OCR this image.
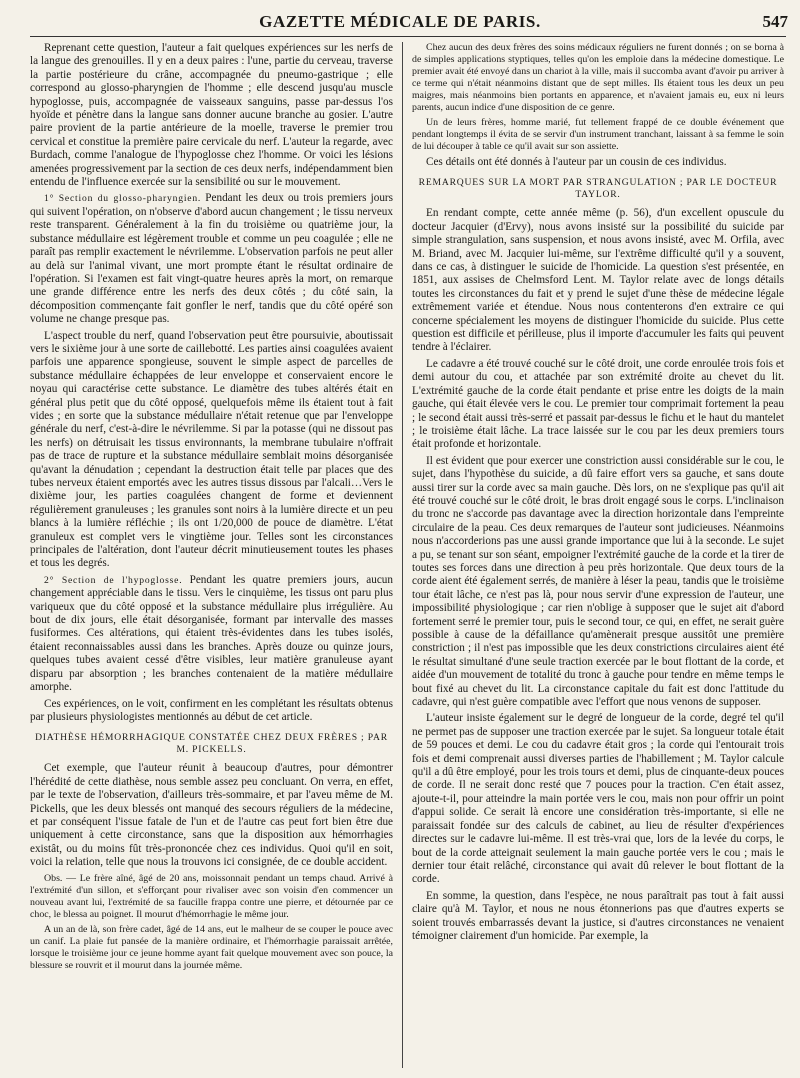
GAZETTE MÉDICALE DE PARIS.	547

Reprenant cette question, l'auteur a fait quelques expériences sur les nerfs de la langue des grenouilles. Il y en a deux paires : l'une, partie du cerveau, traverse la partie postérieure du crâne, accompagnée du pneumo-gastrique ; elle correspond au glosso-pharyngien de l'homme ; elle descend jusqu'au muscle hypoglosse, puis, accompagnée de vaisseaux sanguins, passe par-dessus l'os hyoïde et pénètre dans la langue sans donner aucune branche au gosier. L'autre paire provient de la partie antérieure de la moelle, traverse le premier trou cervical et constitue la première paire cervicale du nerf. L'auteur la regarde, avec Burdach, comme l'analogue de l'hypoglosse chez l'homme. Or voici les lésions amenées progressivement par la section de ces deux nerfs, indépendamment bien entendu de l'influence exercée sur la sensibilité ou sur le mouvement.

1° Section du glosso-pharyngien. Pendant les deux ou trois premiers jours qui suivent l'opération, on n'observe d'abord aucun changement ; le tissu nerveux reste transparent. Généralement à la fin du troisième ou quatrième jour, la substance médullaire est légèrement trouble et comme un peu coagulée ; elle ne paraît pas remplir exactement le névrilemme. L'observation parfois ne peut aller au delà sur l'animal vivant, une mort prompte étant le résultat ordinaire de l'opération. Si l'examen est fait vingt-quatre heures après la mort, on remarque une grande différence entre les nerfs des deux côtés ; du côté sain, la décomposition commençante fait gonfler le nerf, tandis que du côté opéré son volume ne change presque pas.

L'aspect trouble du nerf, quand l'observation peut être poursuivie, aboutissait vers le sixième jour à une sorte de caillebotté. Les parties ainsi coagulées avaient parfois une apparence spongieuse, souvent le simple aspect de parcelles de substance médullaire échappées de leur enveloppe et conservaient encore le noyau qui caractérise cette substance. Le diamètre des tubes altérés était en général plus petit que du côté opposé, quelquefois même ils étaient tout à fait vides ; en sorte que la substance médullaire n'était retenue que par l'enveloppe générale du nerf, c'est-à-dire le névrilemme. Si par la potasse (qui ne dissout pas les nerfs) on détruisait les tissus environnants, la membrane tubulaire n'offrait pas de trace de rupture et la substance médullaire semblait moins désorganisée qu'avant la dénudation ; cependant la destruction était telle par places que des tubes nerveux étaient emportés avec les autres tissus dissous par l'alcali…Vers le dixième jour, les parties coagulées changent de forme et deviennent régulièrement granuleuses ; les granules sont noirs à la lumière directe et un peu blancs à la lumière réfléchie ; ils ont 1/20,000 de pouce de diamètre. L'état granuleux est complet vers le vingtième jour. Telles sont les circonstances principales de l'altération, dont l'auteur décrit minutieusement toutes les phases et tous les degrés.

2° Section de l'hypoglosse. Pendant les quatre premiers jours, aucun changement appréciable dans le tissu. Vers le cinquième, les tissus ont paru plus variqueux que du côté opposé et la substance médullaire plus irrégulière. Au bout de dix jours, elle était désorganisée, formant par intervalle des masses fusiformes. Ces altérations, qui étaient très-évidentes dans les tubes isolés, étaient reconnaissables aussi dans les branches. Après douze ou quinze jours, quelques tubes avaient cessé d'être visibles, leur matière granuleuse ayant disparu par absorption ; les branches contenaient de la matière médullaire amorphe.

Ces expériences, on le voit, confirment en les complétant les résultats obtenus par plusieurs physiologistes mentionnés au début de cet article.

DIATHÈSE HÉMORRHAGIQUE CONSTATÉE CHEZ DEUX FRÈRES ; PAR M. PICKELLS.

Cet exemple, que l'auteur réunit à beaucoup d'autres, pour démontrer l'hérédité de cette diathèse, nous semble assez peu concluant. On verra, en effet, par le texte de l'observation, d'ailleurs très-sommaire, et par l'aveu même de M. Pickells, que les deux blessés ont manqué des secours réguliers de la médecine, et par conséquent l'issue fatale de l'un et de l'autre cas peut fort bien être due uniquement à cette circonstance, sans que la disposition aux hémorrhagies existât, ou du moins fût très-prononcée chez ces individus. Quoi qu'il en soit, voici la relation, telle que nous la trouvons ici consignée, de ce double accident.

Obs. — Le frère aîné, âgé de 20 ans, moissonnait pendant un temps chaud. Arrivé à l'extrémité d'un sillon, et s'efforçant pour rivaliser avec son voisin d'en commencer un nouveau avant lui, l'extrémité de sa faucille frappa contre une pierre, et détournée par ce choc, le blessa au poignet. Il mourut d'hémorrhagie le même jour.

A un an de là, son frère cadet, âgé de 14 ans, eut le malheur de se couper le pouce avec un canif. La plaie fut pansée de la manière ordinaire, et l'hémorrhagie paraissait arrêtée, lorsque le troisième jour ce jeune homme ayant fait quelque mouvement avec son pouce, la blessure se rouvrit et il mourut dans la journée même.

Chez aucun des deux frères des soins médicaux réguliers ne furent donnés ; on se borna à de simples applications styptiques, telles qu'on les emploie dans la médecine domestique. Le premier avait été envoyé dans un chariot à la ville, mais il succomba avant d'avoir pu arriver à ce terme qui n'était néanmoins distant que de sept milles. Ils étaient tous les deux un peu maigres, mais néanmoins bien portants en apparence, et n'avaient jamais eu, eux ni leurs parents, aucun indice d'une disposition de ce genre.

Un de leurs frères, homme marié, fut tellement frappé de ce double événement que pendant longtemps il évita de se servir d'un instrument tranchant, laissant à sa femme le soin de lui découper à table ce qu'il avait sur son assiette.

Ces détails ont été donnés à l'auteur par un cousin de ces individus.

REMARQUES SUR LA MORT PAR STRANGULATION ; PAR LE DOCTEUR TAYLOR.

En rendant compte, cette année même (p. 56), d'un excellent opuscule du docteur Jacquier (d'Ervy), nous avons insisté sur la possibilité du suicide par simple strangulation, sans suspension, et nous avons insisté, avec M. Orfila, avec M. Briand, avec M. Jacquier lui-même, sur l'extrême difficulté qu'il y a souvent, dans ce cas, à distinguer le suicide de l'homicide. La question s'est présentée, en 1851, aux assises de Chelmsford Lent. M. Taylor relate avec de longs détails toutes les circonstances du fait et y prend le sujet d'une thèse de médecine légale extrêmement variée et étendue. Nous nous contenterons d'en extraire ce qui concerne spécialement les moyens de distinguer l'homicide du suicide. Plus cette question est difficile et périlleuse, plus il importe d'accumuler les faits qui peuvent tendre à l'éclairer.

Le cadavre a été trouvé couché sur le côté droit, une corde enroulée trois fois et demi autour du cou, et attachée par son extrémité droite au chevet du lit. L'extrémité gauche de la corde était pendante et prise entre les doigts de la main gauche, qui était élevée vers le cou. Le premier tour comprimait fortement la peau ; le second était aussi très-serré et passait par-dessus le fichu et le haut du mantelet ; le troisième était lâche. La trace laissée sur le cou par les deux premiers tours était profonde et horizontale.

Il est évident que pour exercer une constriction aussi considérable sur le cou, le sujet, dans l'hypothèse du suicide, a dû faire effort vers sa gauche, et sans doute aussi tirer sur la corde avec sa main gauche. Dès lors, on ne s'explique pas qu'il ait été trouvé couché sur le côté droit, le bras droit engagé sous le corps. L'inclinaison du tronc ne s'accorde pas davantage avec la direction horizontale dans l'empreinte circulaire de la peau. Ces deux remarques de l'auteur sont judicieuses. Néanmoins nous n'accorderions pas une aussi grande importance que lui à la seconde. Le sujet a pu, se tenant sur son séant, empoigner l'extrémité gauche de la corde et la tirer de toutes ses forces dans une direction à peu près horizontale. Que deux tours de la corde aient été également serrés, de manière à léser la peau, tandis que le troisième tour était lâche, ce n'est pas là, pour nous servir d'une expression de l'auteur, une impossibilité physiologique ; car rien n'oblige à supposer que le sujet ait d'abord fortement serré le premier tour, puis le second tour, ce qui, en effet, ne serait guère possible à cause de la défaillance qu'amènerait presque aussitôt une première constriction ; il n'est pas impossible que les deux constrictions circulaires aient été le résultat simultané d'une seule traction exercée par le bout flottant de la corde, et aidée d'un mouvement de totalité du tronc à gauche pour tendre en même temps le bout fixé au chevet du lit. La circonstance capitale du fait est donc l'attitude du cadavre, qui n'est guère compatible avec l'effort que nous venons de supposer.

L'auteur insiste également sur le degré de longueur de la corde, degré tel qu'il ne permet pas de supposer une traction exercée par le sujet. Sa longueur totale était de 59 pouces et demi. Le cou du cadavre était gros ; la corde qui l'entourait trois fois et demi comprenait aussi diverses parties de l'habillement ; M. Taylor calcule qu'il a dû être employé, pour les trois tours et demi, plus de cinquante-deux pouces de corde. Il ne serait donc resté que 7 pouces pour la traction. C'en était assez, ajoute-t-il, pour atteindre la main portée vers le cou, mais non pour offrir un point d'appui solide. Ce serait là encore une considération très-importante, si elle ne paraissait fondée sur des calculs de cabinet, au lieu de résulter d'expériences directes sur le cadavre lui-même. Il est très-vrai que, lors de la levée du corps, le bout de la corde atteignait seulement la main gauche portée vers le cou ; mais le dernier tour était relâché, circonstance qui avait dû relever le bout flottant de la corde.

En somme, la question, dans l'espèce, ne nous paraîtrait pas tout à fait aussi claire qu'à M. Taylor, et nous ne nous étonnerions pas que d'autres experts se soient trouvés embarrassés devant la justice, si d'autres circonstances ne venaient témoigner clairement d'un homicide. Par exemple, la
